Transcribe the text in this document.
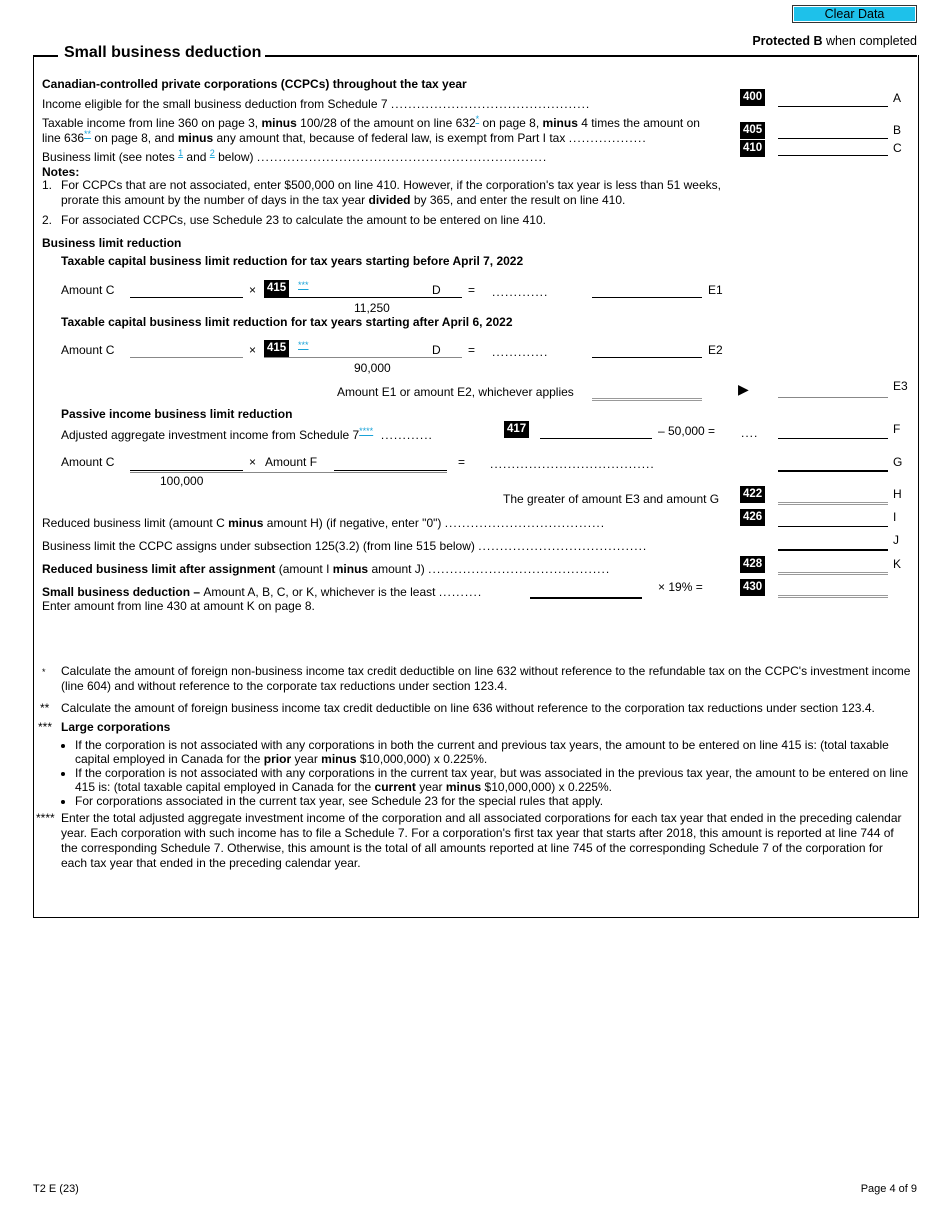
Clear Data
Protected B when completed
Small business deduction
Canadian-controlled private corporations (CCPCs) throughout the tax year
Income eligible for the small business deduction from Schedule 7 ..............................................	400	A
Taxable income from line 360 on page 3, minus 100/28 of the amount on line 632* on page 8, minus 4 times the amount on
line 636** on page 8, and minus any amount that, because of federal law, is exempt from Part I tax ..................
405	B
Business limit (see notes $^1$ and $^2$ below) ...................................................................
410	C
Notes:
1. For CCPCs that are not associated, enter $500,000 on line 410. However, if the corporation's tax year is less than 51 weeks,
prorate this amount by the number of days in the tax year divided by 365, and enter the result on line 410.
2. For associated CCPCs, use Schedule 23 to calculate the amount to be entered on line 410.
Business limit reduction
Taxable capital business limit reduction for tax years starting before April 7, 2022
Amount C	× 415	***	D
11,250
= .............	E1
Taxable capital business limit reduction for tax years starting after April 6, 2022
Amount C	× 415	***	D
90,000
= .............	E2
Amount E1 or amount E2, whichever applies	▶	E3
Passive income business limit reduction
Adjusted aggregate investment income from Schedule 7****  ............	417	– 50,000 = ....	F
Amount C	× Amount F
100,000
= ......................................	G
The greater of amount E3 and amount G 422	H
Reduced business limit (amount C minus amount H) (if negative, enter "0") .....................................	426	I
Business limit the CCPC assigns under subsection 125(3.2) (from line 515 below) .......................................	J
Reduced business limit after assignment (amount I minus amount J) ..........................................	428	K
Small business deduction – Amount A, B, C, or K, whichever is the least ..........
Enter amount from line 430 at amount K on page 8.
× 19% =	430
* Calculate the amount of foreign non-business income tax credit deductible on line 632 without reference to the refundable tax on the CCPC's investment income (line 604) and without reference to the corporate tax reductions under section 123.4.
** Calculate the amount of foreign business income tax credit deductible on line 636 without reference to the corporation tax reductions under section 123.4.
*** Large corporations
• If the corporation is not associated with any corporations in both the current and previous tax years, the amount to be entered on line 415 is: (total taxable capital employed in Canada for the prior year minus $10,000,000) x 0.225%.
• If the corporation is not associated with any corporations in the current tax year, but was associated in the previous tax year, the amount to be entered on line 415 is: (total taxable capital employed in Canada for the current year minus $10,000,000) x 0.225%.
• For corporations associated in the current tax year, see Schedule 23 for the special rules that apply.
**** Enter the total adjusted aggregate investment income of the corporation and all associated corporations for each tax year that ended in the preceding calendar year. Each corporation with such income has to file a Schedule 7. For a corporation's first tax year that starts after 2018, this amount is reported at line 744 of the corresponding Schedule 7. Otherwise, this amount is the total of all amounts reported at line 745 of the corresponding Schedule 7 of the corporation for each tax year that ended in the preceding calendar year.
T2 E (23)	Page 4 of 9
